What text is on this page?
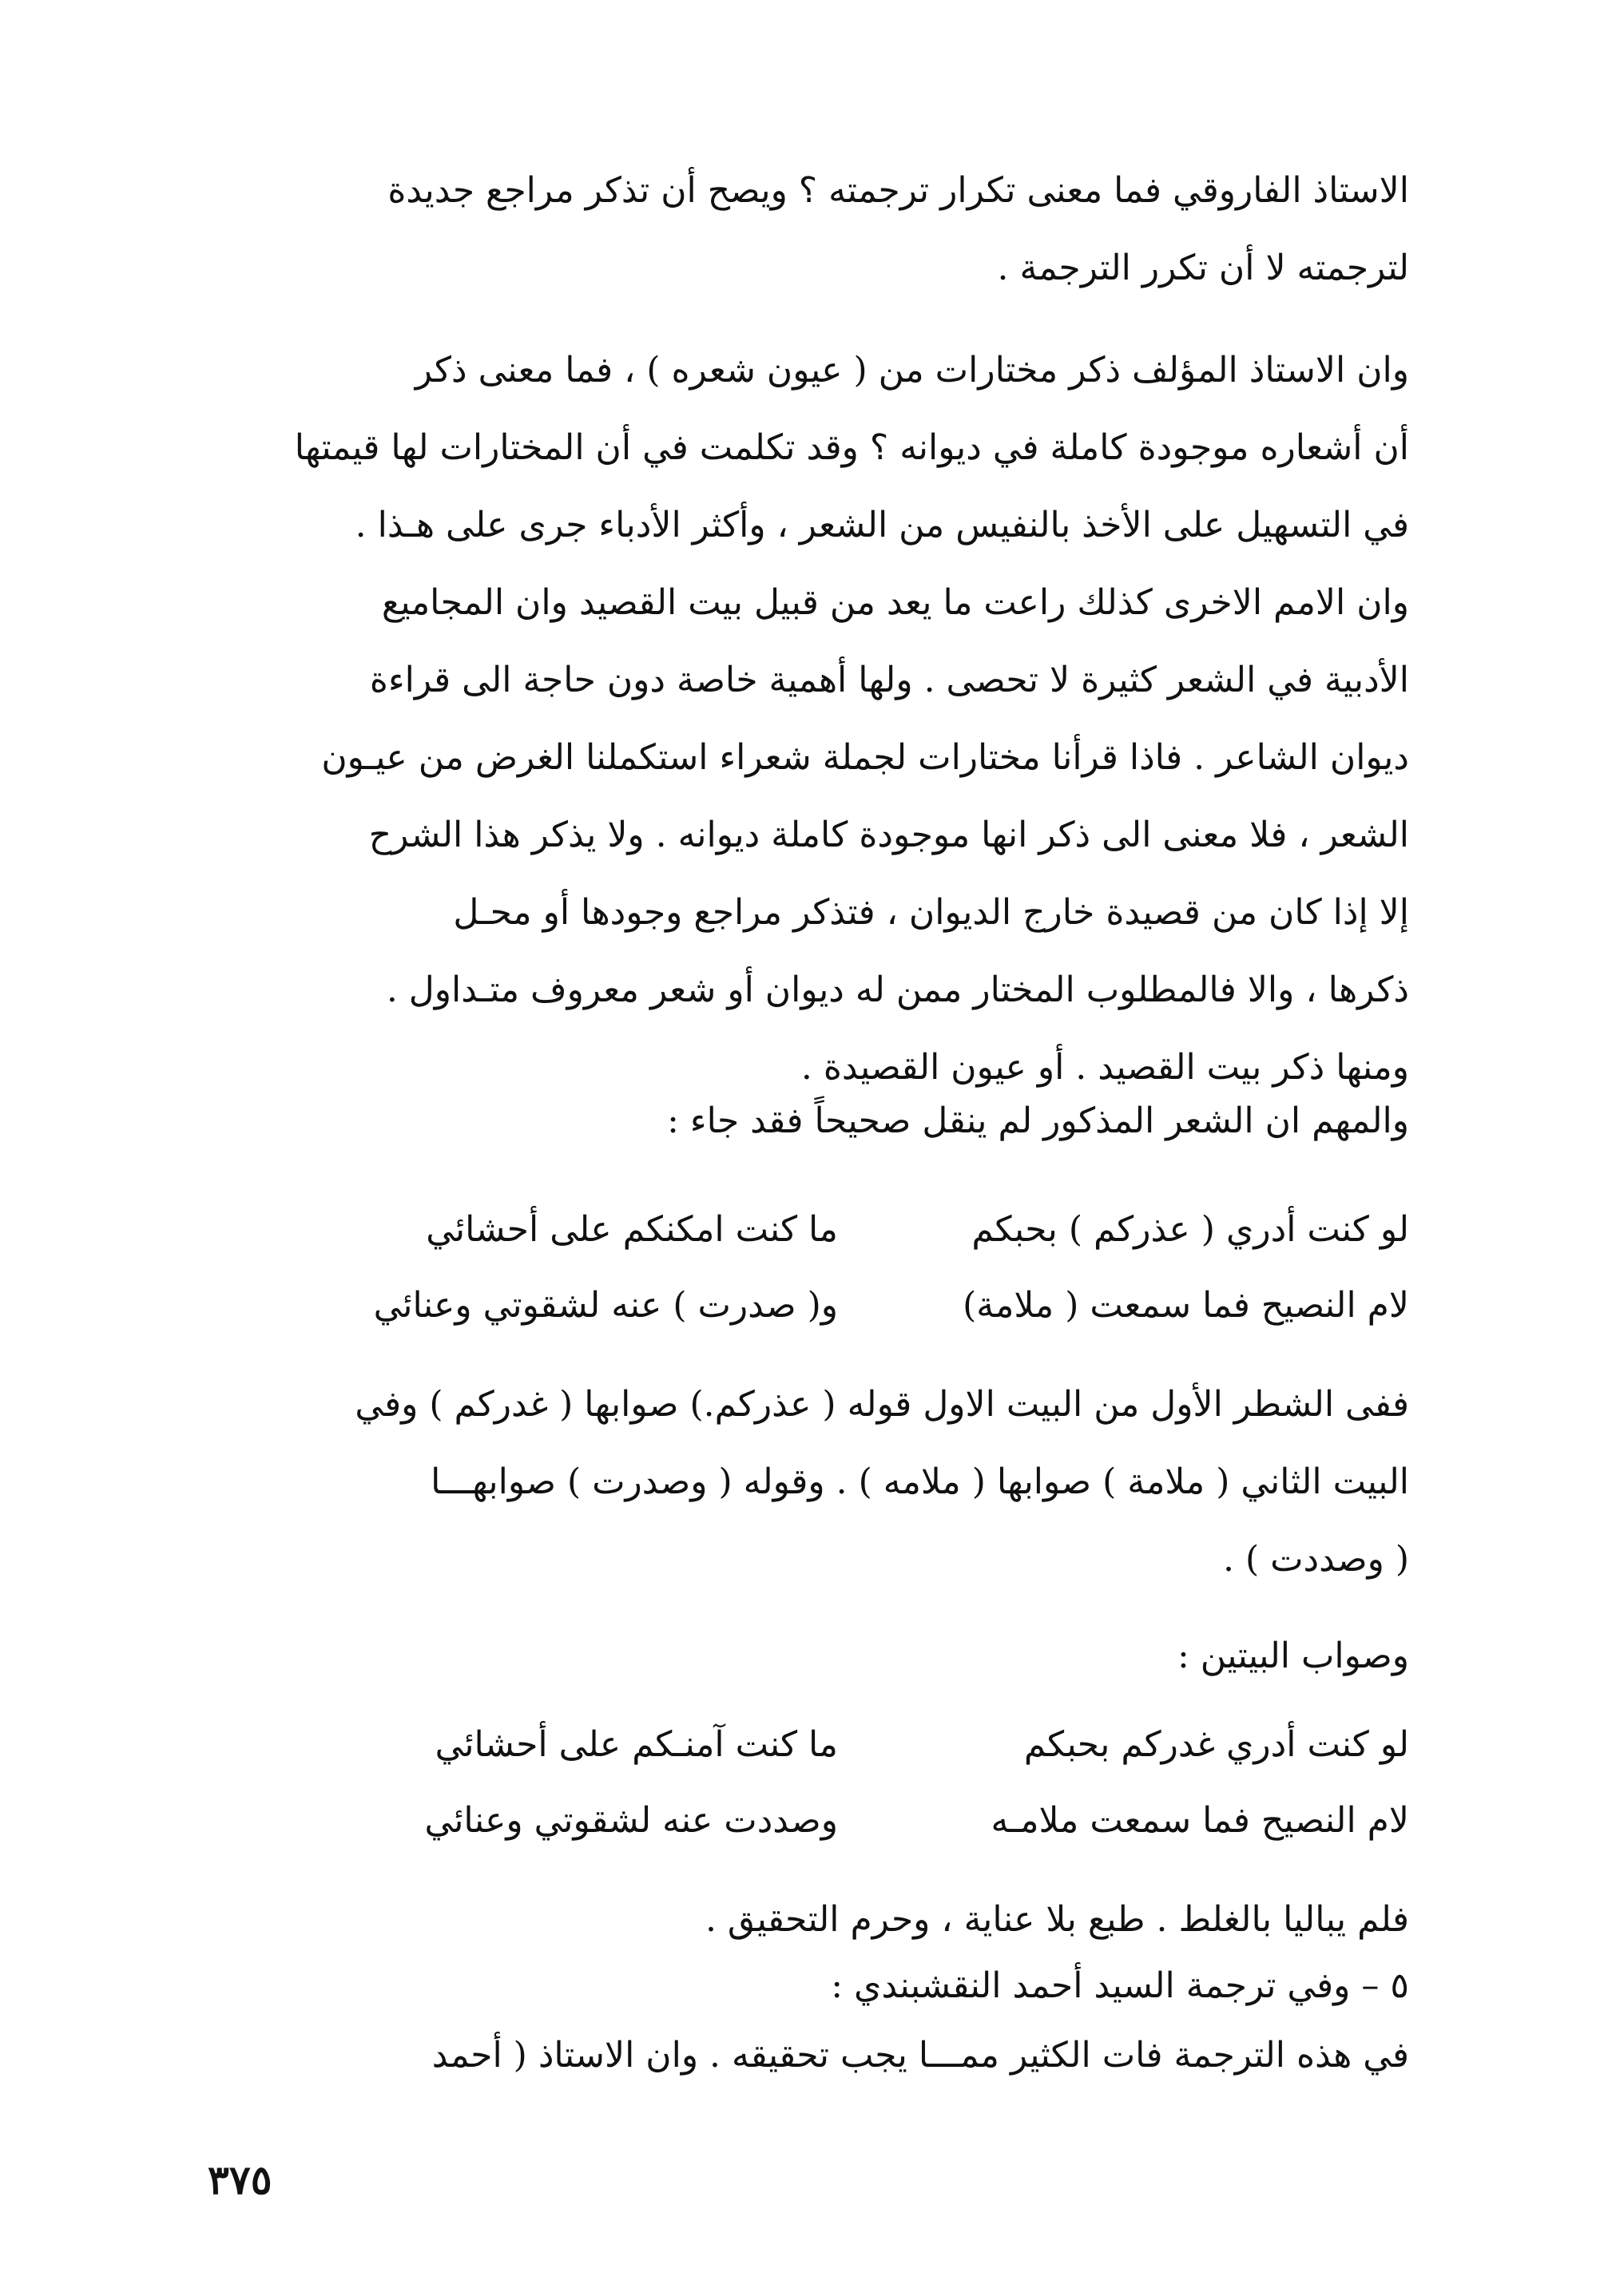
الاستاذ الفاروقي فما معنى تكرار ترجمته ؟ ويصح أن تذكر مراجع جديدة
لترجمته لا أن تكرر الترجمة .
وان الاستاذ المؤلف ذكر مختارات من ( عيون شعره ) ، فما معنى ذكر
أن أشعاره موجودة كاملة في ديوانه ؟ وقد تكلمت في أن المختارات لها قيمتها
في التسهيل على الأخذ بالنفيس من الشعر ، وأكثر الأدباء جرى على هـذا .
وان الامم الاخرى كذلك راعت ما يعد من قبيل بيت القصيد وان المجاميع
الأدبية في الشعر كثيرة لا تحصى . ولها أهمية خاصة دون حاجة الى قراءة
ديوان الشاعر . فاذا قرأنا مختارات لجملة شعراء استكملنا الغرض من عيـون
الشعر ، فلا معنى الى ذكر انها موجودة كاملة ديوانه . ولا يذكر هذا الشرح
إلا إذا كان من قصيدة خارج الديوان ، فتذكر مراجع وجودها أو محـل
ذكرها ، والا فالمطلوب المختار ممن له ديوان أو شعر معروف متـداول .
ومنها ذكر بيت القصيد . أو عيون القصيدة .
والمهم ان الشعر المذكور لم ينقل صحيحاً فقد جاء :
لو كنت أدري ( عذركم ) بحبكم
ما كنت امكنكم على أحشائي
لام النصيح فما سمعت ( ملامة)
و( صدرت ) عنه لشقوتي وعنائي
ففى الشطر الأول من البيت الاول قوله ( عذركم.) صوابها ( غدركم ) وفي
البيت الثاني ( ملامة ) صوابها ( ملامه ) . وقوله ( وصدرت ) صوابهـــا
( وصددت ) .
وصواب البيتين :
لو كنت أدري غدركم بحبكم
ما كنت آمنـكم على أحشائي
لام النصيح فما سمعت ملامـه
وصددت عنه لشقوتي وعنائي
فلم يباليا بالغلط . طبع بلا عناية ، وحرم التحقيق .
٥ – وفي ترجمة السيد أحمد النقشبندي :
في هذه الترجمة فات الكثير ممـــا يجب تحقيقه . وان الاستاذ ( أحمد
٣٧٥
